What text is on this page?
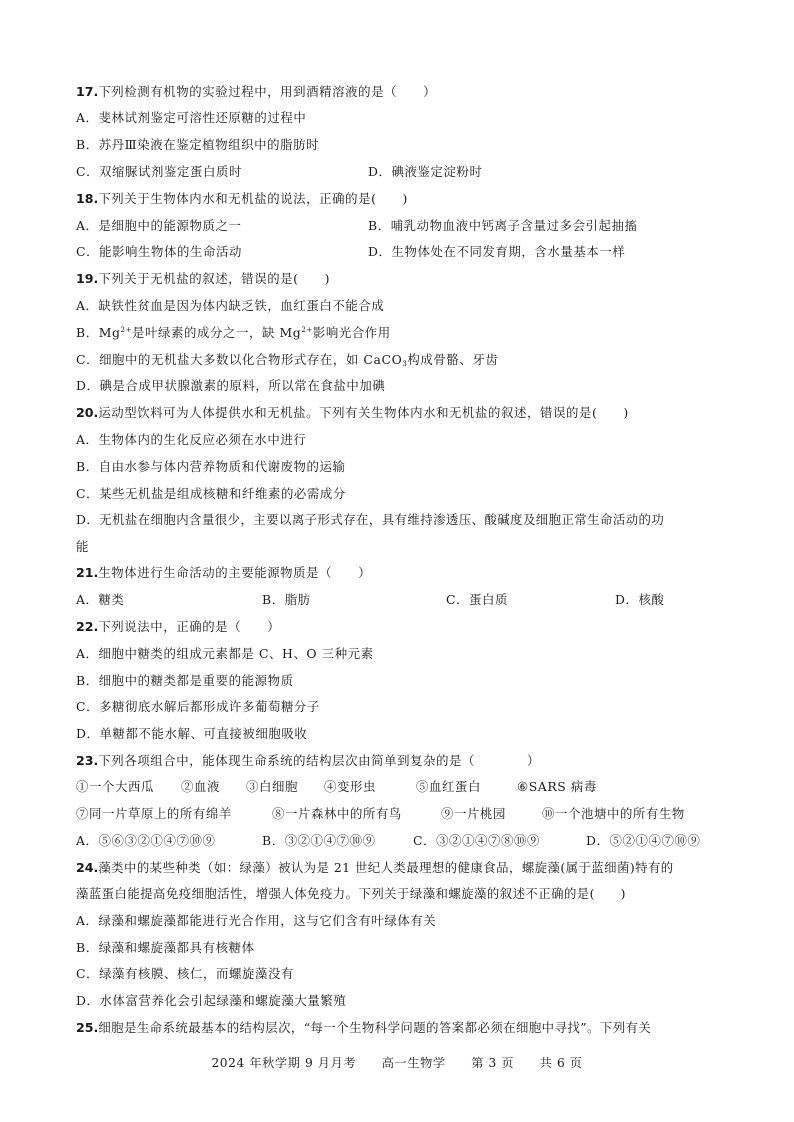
17.下列检测有机物的实验过程中，用到酒精溶液的是（　　）
A．斐林试剂鉴定可溶性还原糖的过程中
B．苏丹Ⅲ染液在鉴定植物组织中的脂肪时
C．双缩脲试剂鉴定蛋白质时	D．碘液鉴定淀粉时
18.下列关于生物体内水和无机盐的说法，正确的是(　　)
A．是细胞中的能源物质之一	B．哺乳动物血液中钙离子含量过多会引起抽搐
C．能影响生物体的生命活动	D．生物体处在不同发育期，含水量基本一样
19.下列关于无机盐的叙述，错误的是(　　)
A．缺铁性贫血是因为体内缺乏铁，血红蛋白不能合成
B．$Mg^{2+}$是叶绿素的成分之一，缺 $Mg^{2+}$影响光合作用
C．细胞中的无机盐大多数以化合物形式存在，如 CaCO$_3$构成骨骼、牙齿
D．碘是合成甲状腺激素的原料，所以常在食盐中加碘
20.运动型饮料可为人体提供水和无机盐。下列有关生物体内水和无机盐的叙述，错误的是(　　)
A．生物体内的生化反应必须在水中进行
B．自由水参与体内营养物质和代谢废物的运输
C．某些无机盐是组成核糖和纤维素的必需成分
D．无机盐在细胞内含量很少，主要以离子形式存在，具有维持渗透压、酸碱度及细胞正常生命活动的功
能
21.生物体进行生命活动的主要能源物质是（　　）
A．糖类	B．脂肪	C．蛋白质	D．核酸
22.下列说法中，正确的是（　　）
A．细胞中糖类的组成元素都是 C、H、O 三种元素
B．细胞中的糖类都是重要的能源物质
C．多糖彻底水解后都形成许多葡萄糖分子
D．单糖都不能水解、可直接被细胞吸收
23.下列各项组合中，能体现生命系统的结构层次由简单到复杂的是（　　　　）
①一个大西瓜 ②血液 ③白细胞 ④变形虫	⑤血红蛋白	⑥SARS 病毒
⑦同一片草原上的所有绵羊	⑧一片森林中的所有鸟	⑨一片桃园	⑩一个池塘中的所有生物
A．⑤⑥③②①④⑦⑩⑨	B．③②①④⑦⑩⑨	C．③②①④⑦⑧⑩⑨	D．⑤②①④⑦⑩⑨
24.藻类中的某些种类（如：绿藻）被认为是 21 世纪人类最理想的健康食品，螺旋藻(属于蓝细菌)特有的
藻蓝蛋白能提高免疫细胞活性，增强人体免疫力。下列关于绿藻和螺旋藻的叙述不正确的是(　　)
A．绿藻和螺旋藻都能进行光合作用，这与它们含有叶绿体有关
B．绿藻和螺旋藻都具有核糖体
C．绿藻有核膜、核仁，而螺旋藻没有
D．水体富营养化会引起绿藻和螺旋藻大量繁殖
25.细胞是生命系统最基本的结构层次，“每一个生物科学问题的答案都必须在细胞中寻找”。下列有关
2024 年秋学期 9 月月考　　高一生物学　　第 3 页　　共 6 页
